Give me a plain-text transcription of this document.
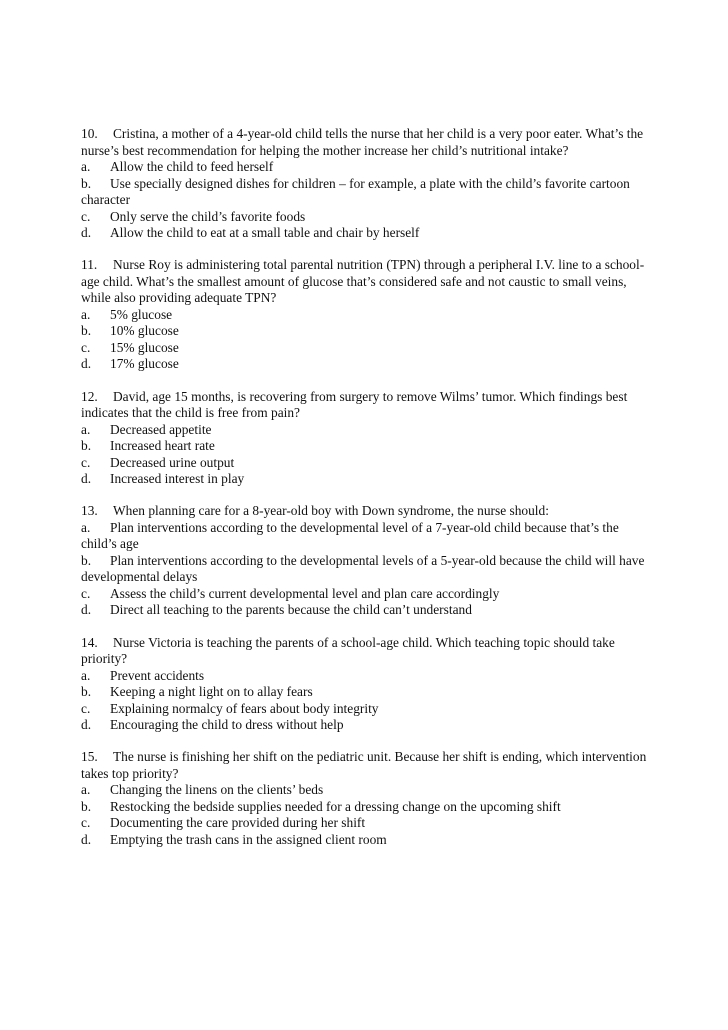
10. Cristina, a mother of a 4-year-old child tells the nurse that her child is a very poor eater. What’s the nurse’s best recommendation for helping the mother increase her child’s nutritional intake?
a. Allow the child to feed herself
b. Use specially designed dishes for children – for example, a plate with the child’s favorite cartoon character
c. Only serve the child’s favorite foods
d. Allow the child to eat at a small table and chair by herself
11. Nurse Roy is administering total parental nutrition (TPN) through a peripheral I.V. line to a school-age child. What’s the smallest amount of glucose that’s considered safe and not caustic to small veins, while also providing adequate TPN?
a. 5% glucose
b. 10% glucose
c. 15% glucose
d. 17% glucose
12. David, age 15 months, is recovering from surgery to remove Wilms’ tumor. Which findings best indicates that the child is free from pain?
a. Decreased appetite
b. Increased heart rate
c. Decreased urine output
d. Increased interest in play
13. When planning care for a 8-year-old boy with Down syndrome, the nurse should:
a. Plan interventions according to the developmental level of a 7-year-old child because that’s the child’s age
b. Plan interventions according to the developmental levels of a 5-year-old because the child will have developmental delays
c. Assess the child’s current developmental level and plan care accordingly
d. Direct all teaching to the parents because the child can’t understand
14. Nurse Victoria is teaching the parents of a school-age child. Which teaching topic should take priority?
a. Prevent accidents
b. Keeping a night light on to allay fears
c. Explaining normalcy of fears about body integrity
d. Encouraging the child to dress without help
15. The nurse is finishing her shift on the pediatric unit. Because her shift is ending, which intervention takes top priority?
a. Changing the linens on the clients’ beds
b. Restocking the bedside supplies needed for a dressing change on the upcoming shift
c. Documenting the care provided during her shift
d. Emptying the trash cans in the assigned client room
